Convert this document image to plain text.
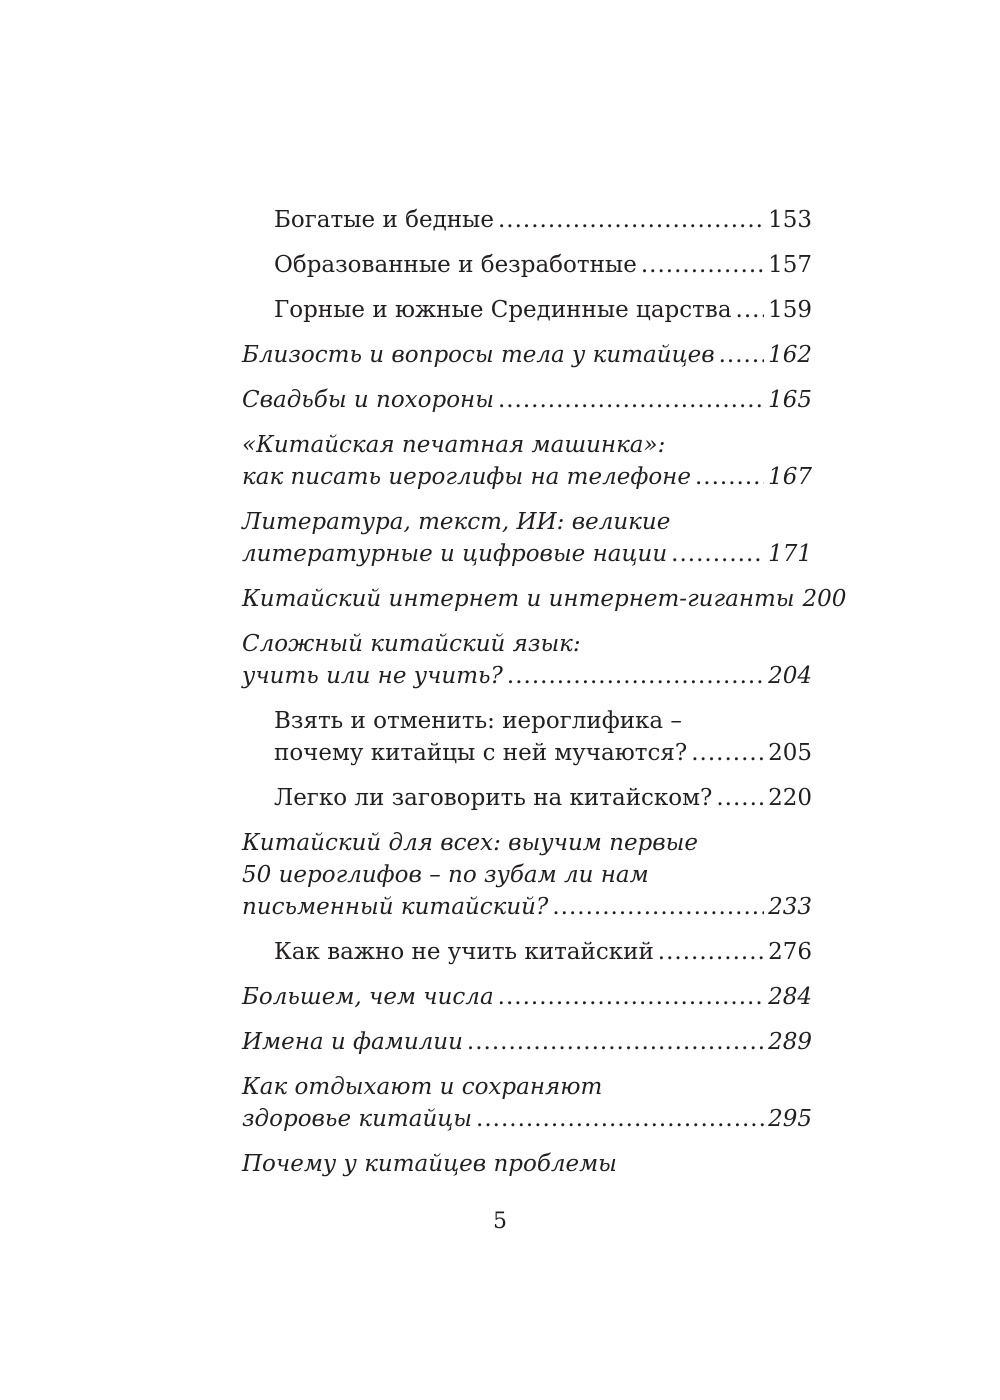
Богатые и бедные .....	153
Образованные и безработные .....	157
Горные и южные Срединные царства ..... 159
Близость и вопросы тела у китайцев ..... 162
Свадьбы и похороны .....	165
«Китайская печатная машинка»:
как писать иероглифы на телефоне .....	167
Литература, текст, ИИ: великие
литературные и цифровые нации .....	171
Китайский интернет и интернет-гиганты 200
Сложный китайский язык:
учить или не учить? .....	204
Взять и отменить: иероглифика –
почему китайцы с ней мучаются? .....	205
Легко ли заговорить на китайском? ..... 220
Китайский для всех: выучим первые
50 иероглифов – по зубам ли нам
письменный китайский? .....	233
Как важно не учить китайский .....	276
Большем, чем числа .....	284
Имена и фамилии .....	289
Как отдыхают и сохраняют
здоровье китайцы .....	295
Почему у китайцев проблемы
5
